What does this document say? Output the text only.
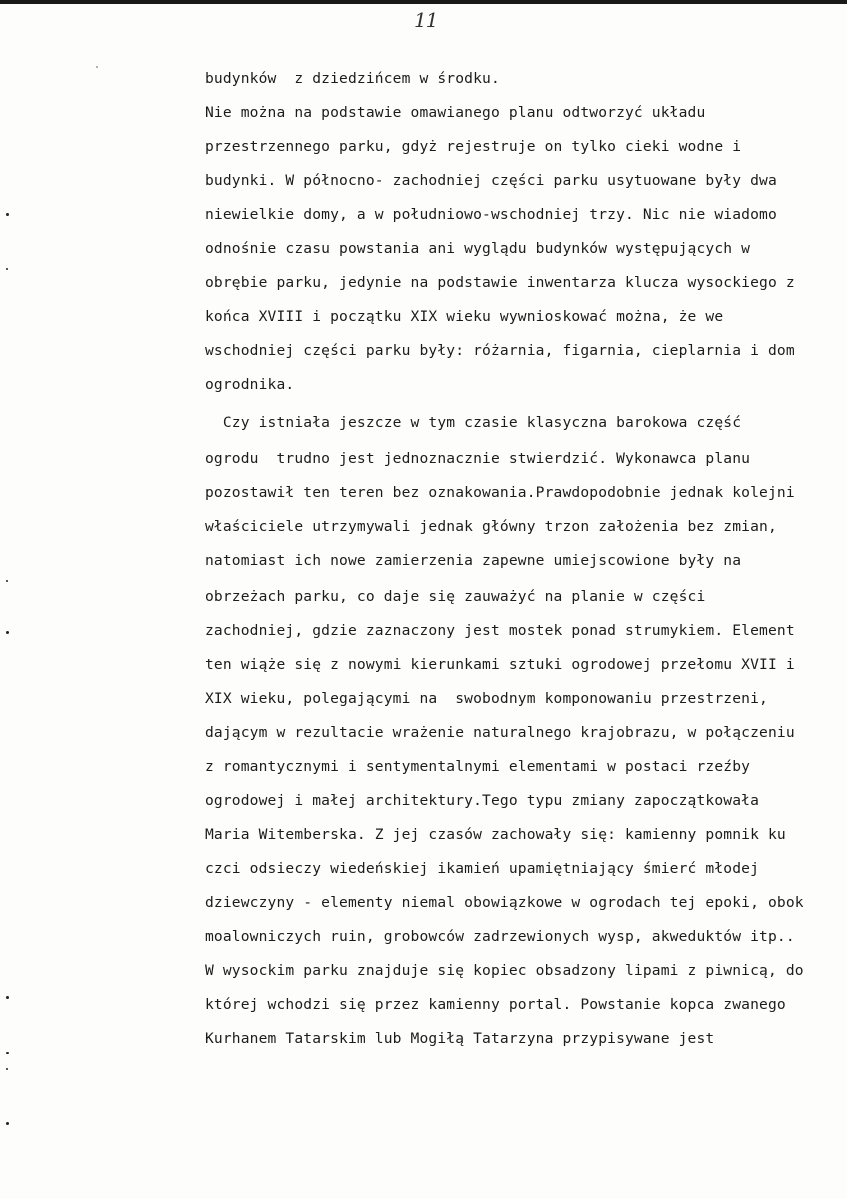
11
budynków  z dziedzińcem w środku.
Nie można na podstawie omawianego planu odtworzyć układu
przestrzennego parku, gdyż rejestruje on tylko cieki wodne i
budynki. W północno- zachodniej części parku usytuowane były dwa
niewielkie domy, a w południowo-wschodniej trzy. Nic nie wiadomo
odnośnie czasu powstania ani wyglądu budynków występujących w
obrębie parku, jedynie na podstawie inwentarza klucza wysockiego z
końca XVIII i początku XIX wieku wywnioskować można, że we
wschodniej części parku były: różarnia, figarnia, cieplarnia i dom
ogrodnika.
Czy istniała jeszcze w tym czasie klasyczna barokowa część
ogrodu  trudno jest jednoznacznie stwierdzić. Wykonawca planu
pozostawił ten teren bez oznakowania.Prawdopodobnie jednak kolejni
właściciele utrzymywali jednak główny trzon założenia bez zmian,
natomiast ich nowe zamierzenia zapewne umiejscowione były na
obrzeżach parku, co daje się zauważyć na planie w części
zachodniej, gdzie zaznaczony jest mostek ponad strumykiem. Element
ten wiąże się z nowymi kierunkami sztuki ogrodowej przełomu XVII i
XIX wieku, polegającymi na  swobodnym komponowaniu przestrzeni,
dającym w rezultacie wrażenie naturalnego krajobrazu, w połączeniu
z romantycznymi i sentymentalnymi elementami w postaci rzeźby
ogrodowej i małej architektury.Tego typu zmiany zapoczątkowała
Maria Witemberska. Z jej czasów zachowały się: kamienny pomnik ku
czci odsieczy wiedeńskiej ikamień upamiętniający śmierć młodej
dziewczyny - elementy niemal obowiązkowe w ogrodach tej epoki, obok
moalowniczych ruin, grobowców zadrzewionych wysp, akweduktów itp..
W wysockim parku znajduje się kopiec obsadzony lipami z piwnicą, do
której wchodzi się przez kamienny portal. Powstanie kopca zwanego
Kurhanem Tatarskim lub Mogiłą Tatarzyna przypisywane jest
